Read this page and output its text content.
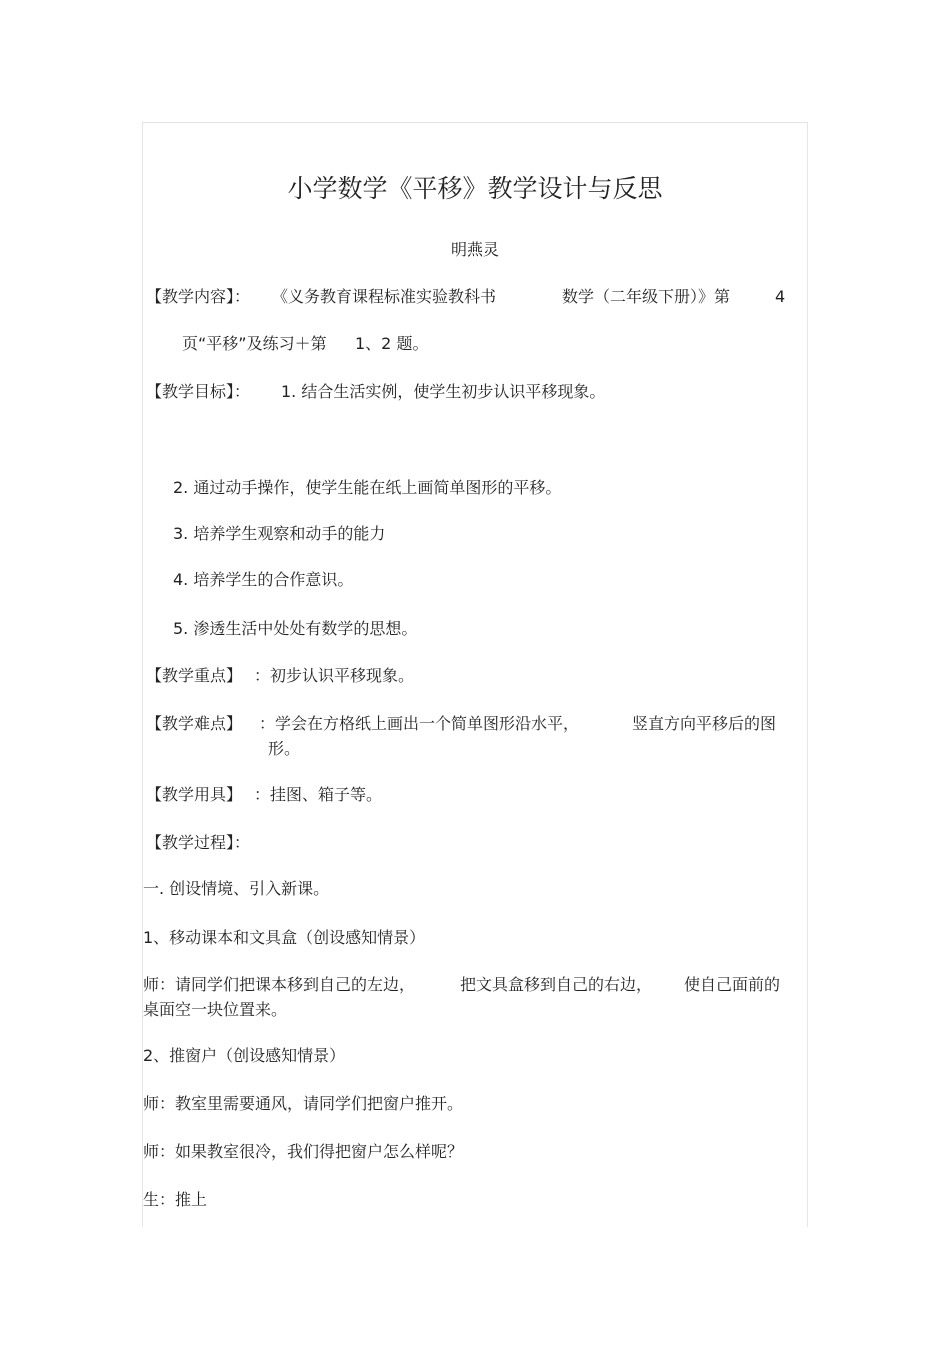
小学数学《平移》教学设计与反思
明燕灵
【教学内容】： 《义务教育课程标准实验教科书	数学（二年级下册）》第	4
页“平移”及练习＋第 1、2 题。
【教学目标】： 1. 结合生活实例，使学生初步认识平移现象。
2. 通过动手操作，使学生能在纸上画简单图形的平移。
3. 培养学生观察和动手的能力
4. 培养学生的合作意识。
5. 渗透生活中处处有数学的思想。
【教学重点】 ：初步认识平移现象。
【教学难点】 ：学会在方格纸上画出一个简单图形沿水平，	竖直方向平移后的图
形。
【教学用具】 ：挂图、箱子等。
【教学过程】：
一. 创设情境、引入新课。
1、移动课本和文具盒（创设感知情景）
师：请同学们把课本移到自己的左边，	把文具盒移到自己的右边， 使自己面前的
桌面空一块位置来。
2、推窗户（创设感知情景）
师：教室里需要通风，请同学们把窗户推开。
师：如果教室很冷，我们得把窗户怎么样呢？
生：推上
